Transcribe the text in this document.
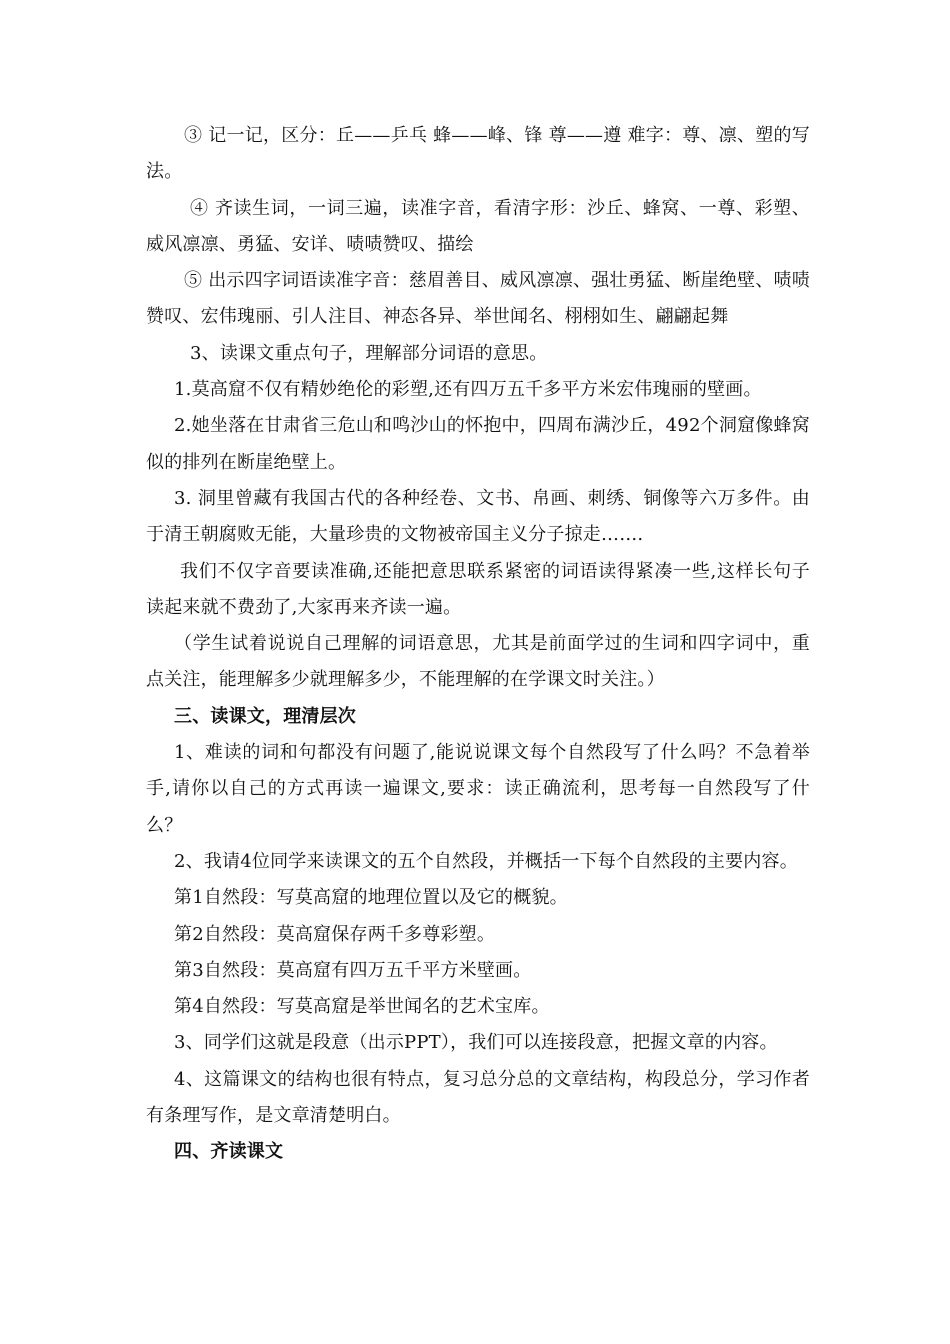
③ 记一记，区分：丘——乒乓 蜂——峰、锋 尊——遵 难字：尊、凛、塑的写法。

④ 齐读生词，一词三遍，读准字音，看清字形：沙丘、蜂窝、一尊、彩塑、威风凛凛、勇猛、安详、啧啧赞叹、描绘

⑤ 出示四字词语读准字音：慈眉善目、威风凛凛、强壮勇猛、断崖绝壁、啧啧赞叹、宏伟瑰丽、引人注目、神态各异、举世闻名、栩栩如生、翩翩起舞

3、读课文重点句子，理解部分词语的意思。

1.莫高窟不仅有精妙绝伦的彩塑,还有四万五千多平方米宏伟瑰丽的壁画。

2.她坐落在甘肃省三危山和鸣沙山的怀抱中，四周布满沙丘，492个洞窟像蜂窝似的排列在断崖绝壁上。

3. 洞里曾藏有我国古代的各种经卷、文书、帛画、刺绣、铜像等六万多件。由于清王朝腐败无能，大量珍贵的文物被帝国主义分子掠走…….

我们不仅字音要读准确,还能把意思联系紧密的词语读得紧凑一些,这样长句子读起来就不费劲了,大家再来齐读一遍。

（学生试着说说自己理解的词语意思，尤其是前面学过的生词和四字词中，重点关注，能理解多少就理解多少，不能理解的在学课文时关注。）

三、读课文，理清层次

1、难读的词和句都没有问题了,能说说课文每个自然段写了什么吗？不急着举手,请你以自己的方式再读一遍课文,要求：读正确流利，思考每一自然段写了什么？

2、我请4位同学来读课文的五个自然段，并概括一下每个自然段的主要内容。

第1自然段：写莫高窟的地理位置以及它的概貌。

第2自然段：莫高窟保存两千多尊彩塑。

第3自然段：莫高窟有四万五千平方米壁画。

第4自然段：写莫高窟是举世闻名的艺术宝库。

3、同学们这就是段意（出示PPT），我们可以连接段意，把握文章的内容。

4、这篇课文的结构也很有特点，复习总分总的文章结构，构段总分，学习作者有条理写作，是文章清楚明白。

四、齐读课文
